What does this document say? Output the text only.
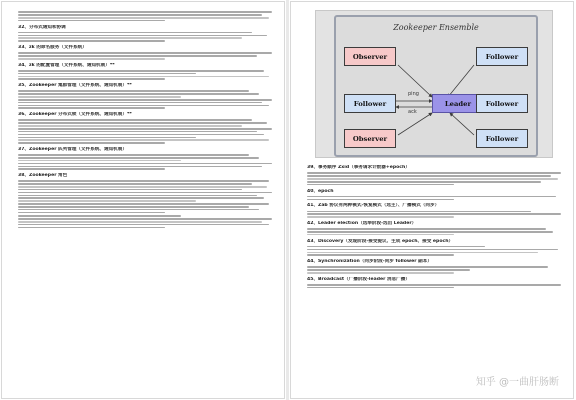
32、分布式通知和协调
33、zk 的命名服务（文件系统）
34、zk 的配置管理（文件系统、通知机制）**
35、Zookeeper 集群管理（文件系统、通知机制）**
36、Zookeeper 分布式锁（文件系统、通知机制）**
37、Zookeeper 队列管理（文件系统、通知机制）
38、Zookeeper 角色
Zookeeper Ensemble
Observer	Follower
Follower	Leader	Follower
Observer	Follower
ping
ack
39、事务顺序 Zxid（事务请求计数器+epoch）
40、epoch
41、Zab 协议有两种模式-恢复模式（选主）、广播模式（同步）
42、Leader election（选举阶段-选出 Leader）
43、Discovery（发现阶段-接受提议、生成 epoch、接受 epoch）
44、Synchronization（同步阶段-同步 follower 副本）
45、Broadcast（广播阶段-leader 消息广播）
知乎 @一曲肝肠断
